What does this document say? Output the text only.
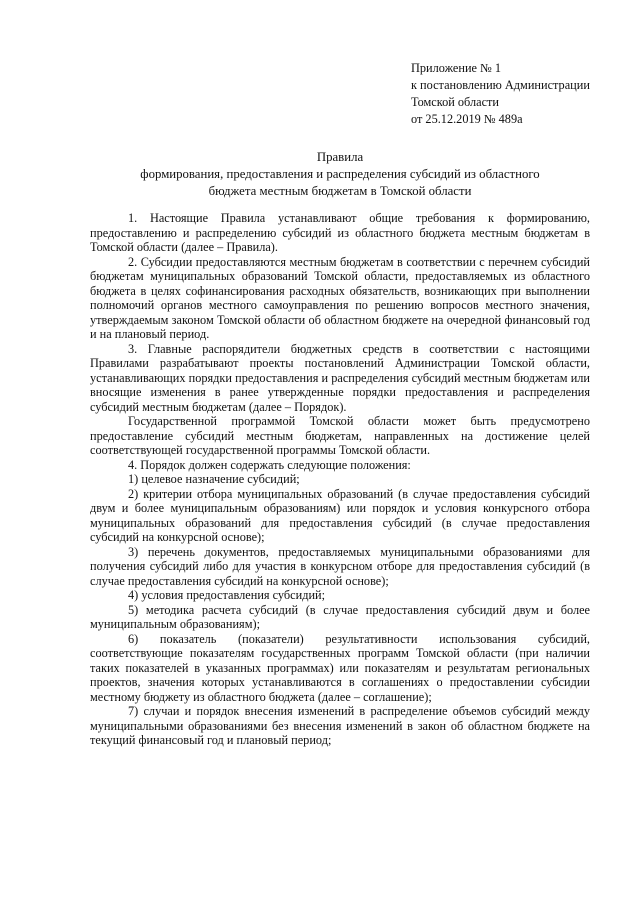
Приложение № 1
к постановлению Администрации
Томской области
от 25.12.2019 № 489а
Правила
формирования, предоставления и распределения субсидий из областного
бюджета местным бюджетам в Томской области

1. Настоящие Правила устанавливают общие требования к формированию, предоставлению и распределению субсидий из областного бюджета местным бюджетам в Томской области (далее – Правила).

2. Субсидии предоставляются местным бюджетам в соответствии с перечнем субсидий бюджетам муниципальных образований Томской области, предоставляемых из областного бюджета в целях софинансирования расходных обязательств, возникающих при выполнении полномочий органов местного самоуправления по решению вопросов местного значения, утверждаемым законом Томской области об областном бюджете на очередной финансовый год и на плановый период.

3. Главные распорядители бюджетных средств в соответствии с настоящими Правилами разрабатывают проекты постановлений Администрации Томской области, устанавливающих порядки предоставления и распределения субсидий местным бюджетам или вносящие изменения в ранее утвержденные порядки предоставления и распределения субсидий местным бюджетам (далее – Порядок).

Государственной программой Томской области может быть предусмотрено предоставление субсидий местным бюджетам, направленных на достижение целей соответствующей государственной программы Томской области.

4. Порядок должен содержать следующие положения:

1) целевое назначение субсидий;

2) критерии отбора муниципальных образований (в случае предоставления субсидий двум и более муниципальным образованиям) или порядок и условия конкурсного отбора муниципальных образований для предоставления субсидий (в случае предоставления субсидий на конкурсной основе);

3) перечень документов, предоставляемых муниципальными образованиями для получения субсидий либо для участия в конкурсном отборе для предоставления субсидий (в случае предоставления субсидий на конкурсной основе);

4) условия предоставления субсидий;

5) методика расчета субсидий (в случае предоставления субсидий двум и более муниципальным образованиям);

6) показатель (показатели) результативности использования субсидий, соответствующие показателям государственных программ Томской области (при наличии таких показателей в указанных программах) или показателям и результатам региональных проектов, значения которых устанавливаются в соглашениях о предоставлении субсидии местному бюджету из областного бюджета (далее – соглашение);

7) случаи и порядок внесения изменений в распределение объемов субсидий между муниципальными образованиями без внесения изменений в закон об областном бюджете на текущий финансовый год и плановый период;
